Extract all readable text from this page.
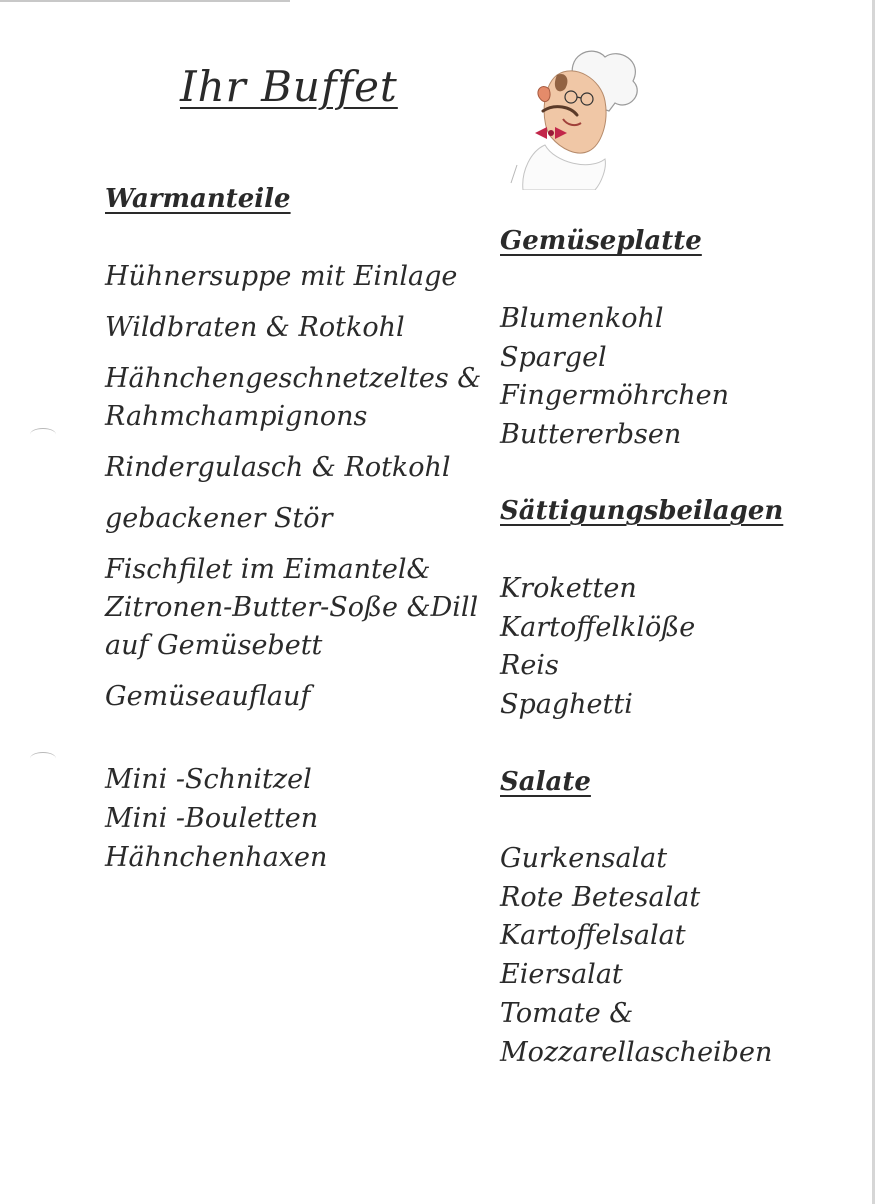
Ihr Buffet
Warmanteile
Hühnersuppe mit Einlage
Wildbraten & Rotkohl
Hähnchengeschnetzeltes &
Rahmchampignons
Rindergulasch & Rotkohl
gebackener Stör
Fischfilet im Eimantel&
Zitronen-Butter-Soße &Dill
auf Gemüsebett
Gemüseauflauf
Mini -Schnitzel
Mini -Bouletten
Hähnchenhaxen
Gemüseplatte
Blumenkohl
Spargel
Fingermöhrchen
Buttererbsen
Sättigungsbeilagen
Kroketten
Kartoffelklöße
Reis
Spaghetti
Salate
Gurkensalat
Rote Betesalat
Kartoffelsalat
Eiersalat
Tomate &
Mozzarellascheiben
